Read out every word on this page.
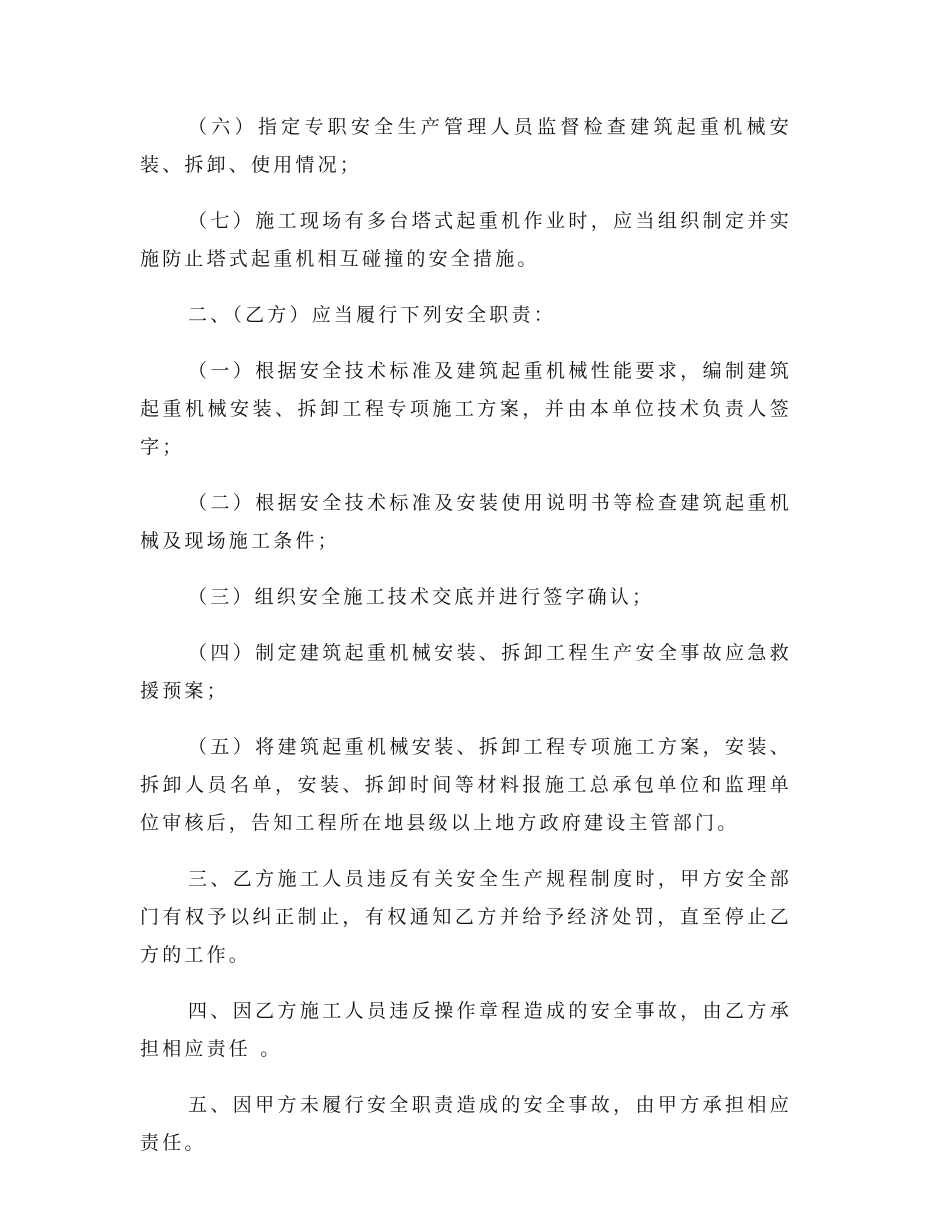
（六）指定专职安全生产管理人员监督检查建筑起重机械安装、拆卸、使用情况；

（七）施工现场有多台塔式起重机作业时，应当组织制定并实施防止塔式起重机相互碰撞的安全措施。

二、（乙方）应当履行下列安全职责：

（一）根据安全技术标准及建筑起重机械性能要求，编制建筑起重机械安装、拆卸工程专项施工方案，并由本单位技术负责人签字；

（二）根据安全技术标准及安装使用说明书等检查建筑起重机械及现场施工条件；

（三）组织安全施工技术交底并进行签字确认；

（四）制定建筑起重机械安装、拆卸工程生产安全事故应急救援预案；

（五）将建筑起重机械安装、拆卸工程专项施工方案，安装、拆卸人员名单，安装、拆卸时间等材料报施工总承包单位和监理单位审核后，告知工程所在地县级以上地方政府建设主管部门。

三、乙方施工人员违反有关安全生产规程制度时，甲方安全部门有权予以纠正制止，有权通知乙方并给予经济处罚，直至停止乙方的工作。

四、因乙方施工人员违反操作章程造成的安全事故，由乙方承担相应责任 。

五、因甲方未履行安全职责造成的安全事故，由甲方承担相应责任。
